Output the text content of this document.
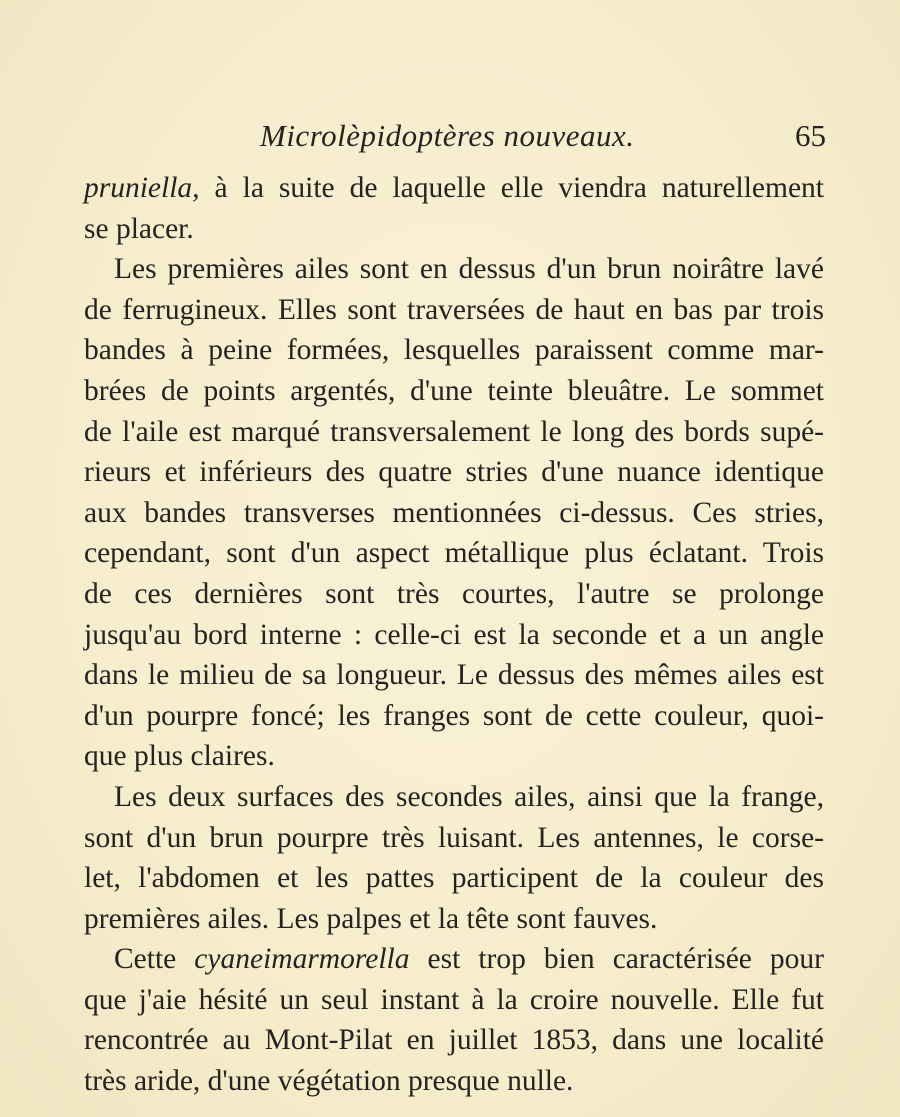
Microlèpidoptères nouveaux.	65
pruniella, à la suite de laquelle elle viendra naturellement
se placer.
Les premières ailes sont en dessus d'un brun noirâtre lavé
de ferrugineux. Elles sont traversées de haut en bas par trois
bandes à peine formées, lesquelles paraissent comme mar-
brées de points argentés, d'une teinte bleuâtre. Le sommet
de l'aile est marqué transversalement le long des bords supé-
rieurs et inférieurs des quatre stries d'une nuance identique
aux bandes transverses mentionnées ci-dessus. Ces stries,
cependant, sont d'un aspect métallique plus éclatant. Trois
de ces dernières sont très courtes, l'autre se prolonge
jusqu'au bord interne : celle-ci est la seconde et a un angle
dans le milieu de sa longueur. Le dessus des mêmes ailes est
d'un pourpre foncé; les franges sont de cette couleur, quoi-
que plus claires.
Les deux surfaces des secondes ailes, ainsi que la frange,
sont d'un brun pourpre très luisant. Les antennes, le corse-
let, l'abdomen et les pattes participent de la couleur des
premières ailes. Les palpes et la tête sont fauves.
Cette cyaneimarmorella est trop bien caractérisée pour
que j'aie hésité un seul instant à la croire nouvelle. Elle fut
rencontrée au Mont-Pilat en juillet 1853, dans une localité
très aride, d'une végétation presque nulle.
